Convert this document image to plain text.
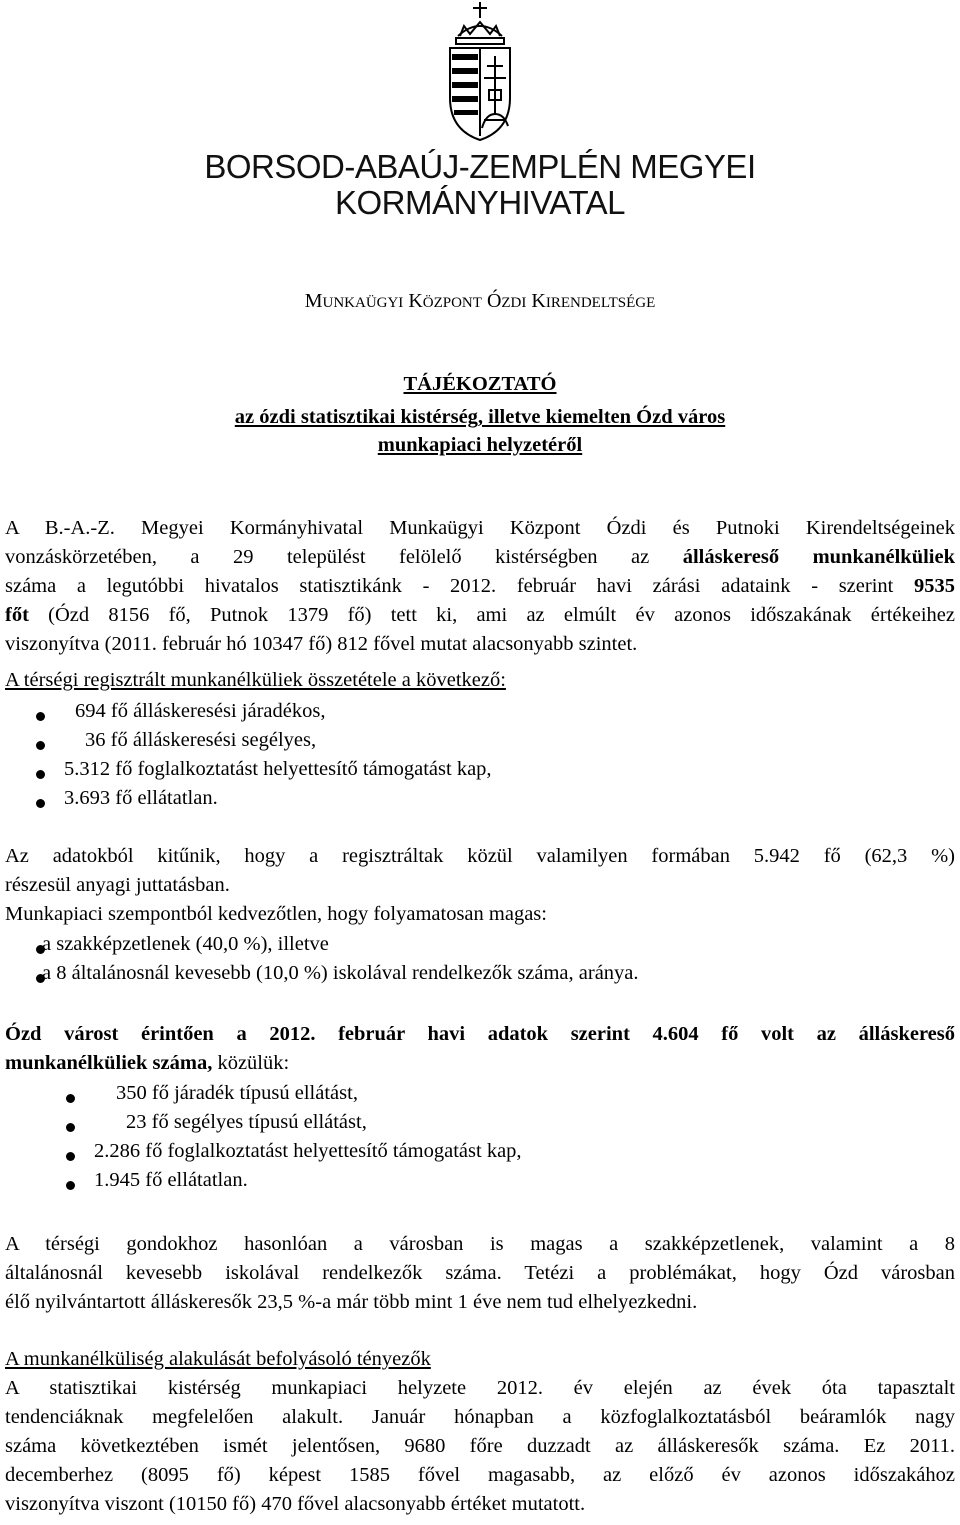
BORSOD-ABAÚJ-ZEMPLÉN MEGYEI
KORMÁNYHIVATAL
MUNKAÜGYI KÖZPONT ÓZDI KIRENDELTSÉGE
TÁJÉKOZTATÓ
az ózdi statisztikai kistérség, illetve kiemelten Ózd város
munkapiaci helyzetéről
A B.-A.-Z. Megyei Kormányhivatal Munkaügyi Központ Ózdi és Putnoki Kirendeltségeinek
vonzáskörzetében, a 29 települést felölelő kistérségben az álláskereső munkanélküliek
száma a legutóbbi hivatalos statisztikánk - 2012. február havi zárási adataink - szerint 9535
főt (Ózd 8156 fő, Putnok 1379 fő) tett ki, ami az elmúlt év azonos időszakának értékeihez
viszonyítva (2011. február hó 10347 fő) 812 fővel mutat alacsonyabb szintet.
A térségi regisztrált munkanélküliek összetétele a következő:
694 fő álláskeresési járadékos,
36 fő álláskeresési segélyes,
5.312 fő foglalkoztatást helyettesítő támogatást kap,
3.693 fő ellátatlan.
Az adatokból kitűnik, hogy a regisztráltak közül valamilyen formában 5.942 fő (62,3 %)
részesül anyagi juttatásban.
Munkapiaci szempontból kedvezőtlen, hogy folyamatosan magas:
a szakképzetlenek (40,0 %), illetve
a 8 általánosnál kevesebb (10,0 %) iskolával rendelkezők száma, aránya.
Ózd várost érintően a 2012. február havi adatok szerint 4.604 fő volt az álláskereső
munkanélküliek száma, közülük:
350 fő járadék típusú ellátást,
23 fő segélyes típusú ellátást,
2.286 fő foglalkoztatást helyettesítő támogatást kap,
1.945 fő ellátatlan.
A térségi gondokhoz hasonlóan a városban is magas a szakképzetlenek, valamint a 8
általánosnál kevesebb iskolával rendelkezők száma. Tetézi a problémákat, hogy Ózd városban
élő nyilvántartott álláskeresők 23,5 %-a már több mint 1 éve nem tud elhelyezkedni.
A munkanélküliség alakulását befolyásoló tényezők
A statisztikai kistérség munkapiaci helyzete 2012. év elején az évek óta tapasztalt
tendenciáknak megfelelően alakult. Január hónapban a közfoglalkoztatásból beáramlók nagy
száma következtében ismét jelentősen, 9680 főre duzzadt az álláskeresők száma. Ez 2011.
decemberhez (8095 fő) képest 1585 fővel magasabb, az előző év azonos időszakához
viszonyítva viszont (10150 fő) 470 fővel alacsonyabb értéket mutatott.
